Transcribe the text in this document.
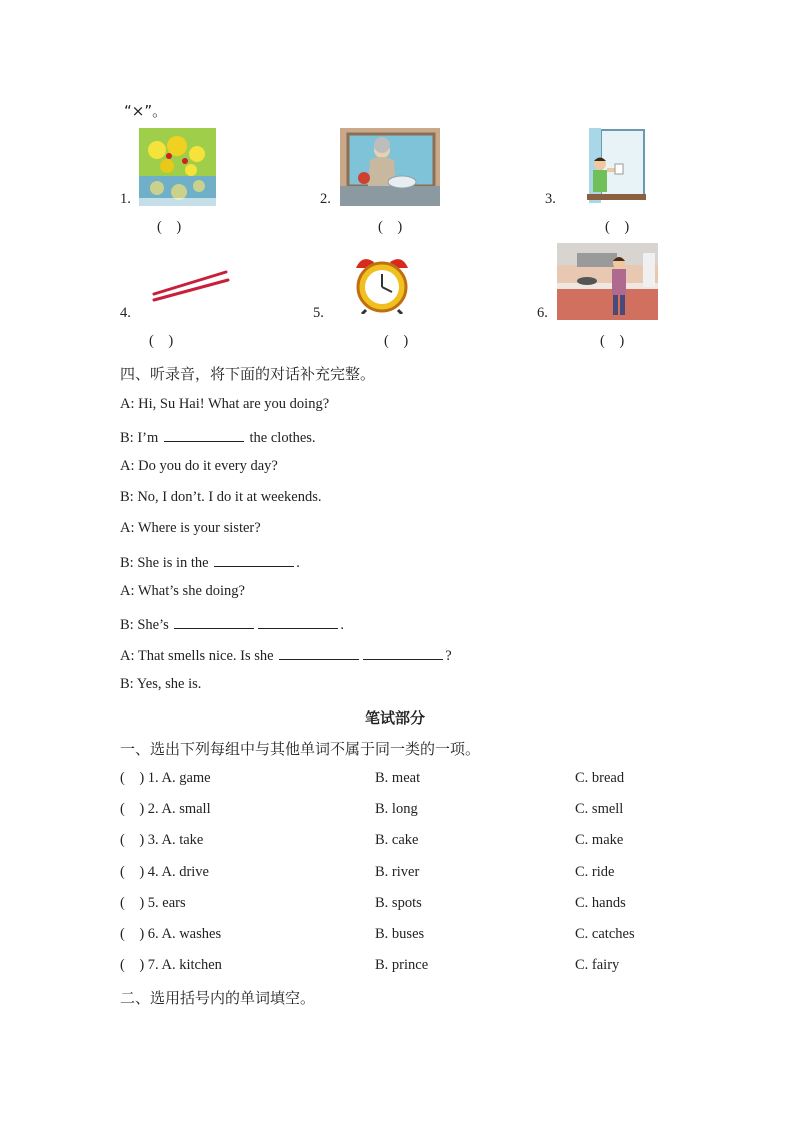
“×”。
1.
(    )
2.
(    )
3.
(    )
4.
(    )
5.
(    )
6.
(    )
四、听录音，将下面的对话补充完整。
A: Hi, Su Hai! What are you doing?
B: I’m	the clothes.
A: Do you do it every day?
B: No, I don’t. I do it at weekends.
A: Where is your sister?
B: She is in the	.
A: What’s she doing?
B: She’s	.
A: That smells nice. Is she	?
B: Yes, she is.
笔试部分
一、选出下列每组中与其他单词不属于同一类的一项。
(    ) 1. A. game	B. meat	C. bread
(    ) 2. A. small	B. long	C. smell
(    ) 3. A. take	B. cake	C. make
(    ) 4. A. drive	B. river	C. ride
(    ) 5. ears	B. spots	C. hands
(    ) 6. A. washes	B. buses	C. catches
(    ) 7. A. kitchen	B. prince	C. fairy
二、选用括号内的单词填空。
